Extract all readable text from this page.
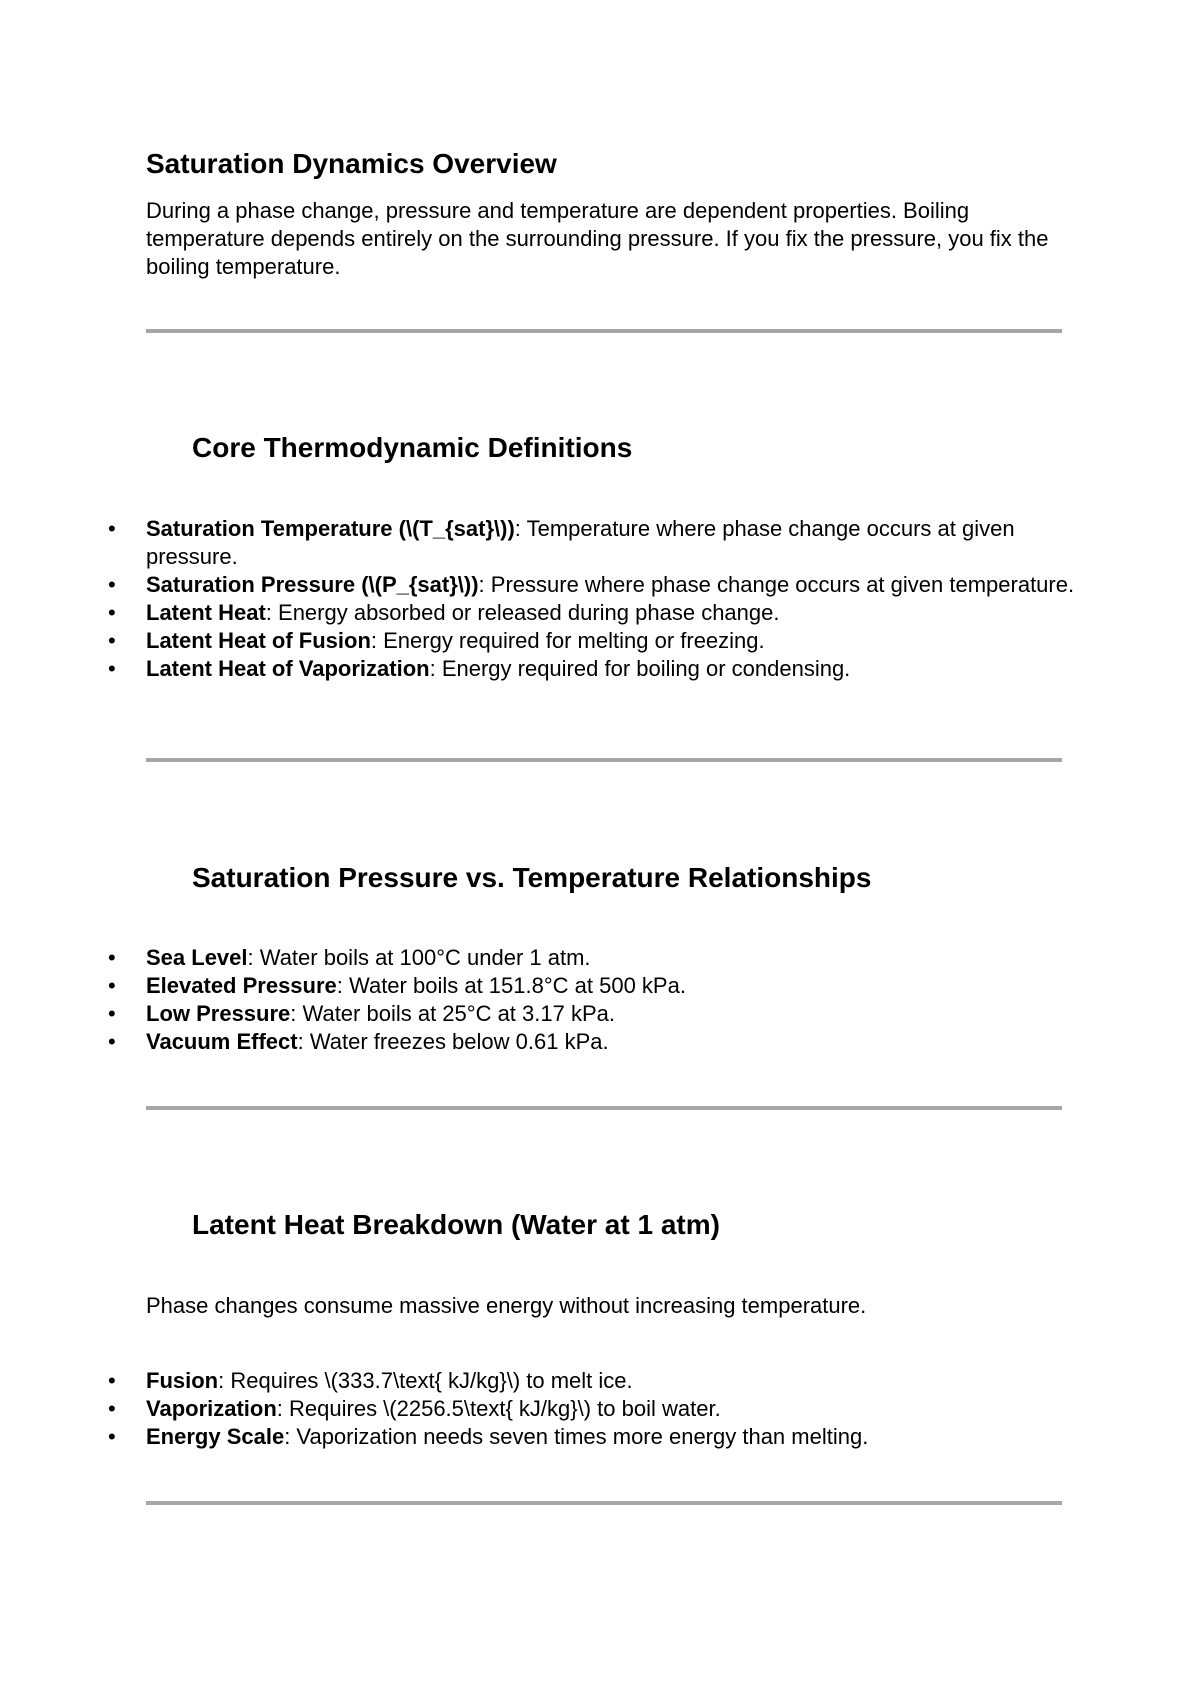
Saturation Dynamics Overview

During a phase change, pressure and temperature are dependent properties. Boiling temperature depends entirely on the surrounding pressure. If you fix the pressure, you fix the boiling temperature.

Core Thermodynamic Definitions
• Saturation Temperature (\(T_{sat}\)): Temperature where phase change occurs at given pressure.
• Saturation Pressure (\(P_{sat}\)): Pressure where phase change occurs at given temperature.
• Latent Heat: Energy absorbed or released during phase change.
• Latent Heat of Fusion: Energy required for melting or freezing.
• Latent Heat of Vaporization: Energy required for boiling or condensing.
Saturation Pressure vs. Temperature Relationships
• Sea Level: Water boils at 100°C under 1 atm.
• Elevated Pressure: Water boils at 151.8°C at 500 kPa.
• Low Pressure: Water boils at 25°C at 3.17 kPa.
• Vacuum Effect: Water freezes below 0.61 kPa.
Latent Heat Breakdown (Water at 1 atm)

Phase changes consume massive energy without increasing temperature.

• Fusion: Requires \(333.7\text{ kJ/kg}\) to melt ice.
• Vaporization: Requires \(2256.5\text{ kJ/kg}\) to boil water.
• Energy Scale: Vaporization needs seven times more energy than melting.
